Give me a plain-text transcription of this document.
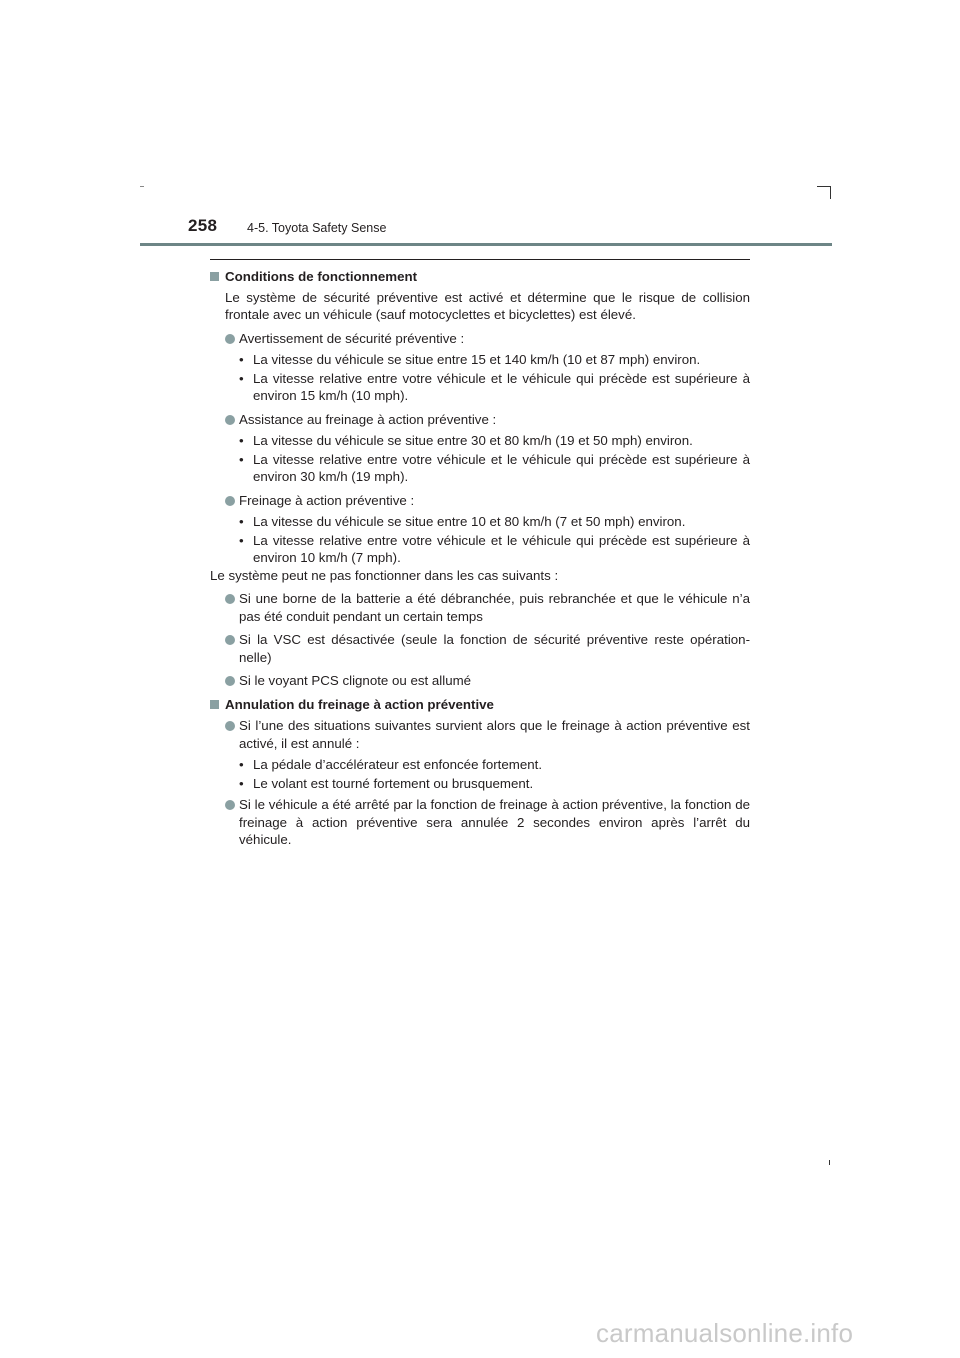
258 4-5. Toyota Safety Sense
Conditions de fonctionnement
Le système de sécurité préventive est activé et détermine que le risque de collision frontale avec un véhicule (sauf motocyclettes et bicyclettes) est élevé.
Avertissement de sécurité préventive :
• La vitesse du véhicule se situe entre 15 et 140 km/h (10 et 87 mph) environ.
• La vitesse relative entre votre véhicule et le véhicule qui précède est supérieure à environ 15 km/h (10 mph).
Assistance au freinage à action préventive :
• La vitesse du véhicule se situe entre 30 et 80 km/h (19 et 50 mph) environ.
• La vitesse relative entre votre véhicule et le véhicule qui précède est supérieure à environ 30 km/h (19 mph).
Freinage à action préventive :
• La vitesse du véhicule se situe entre 10 et 80 km/h (7 et 50 mph) environ.
• La vitesse relative entre votre véhicule et le véhicule qui précède est supérieure à environ 10 km/h (7 mph).
Le système peut ne pas fonctionner dans les cas suivants :
Si une borne de la batterie a été débranchée, puis rebranchée et que le véhicule n’a pas été conduit pendant un certain temps
Si la VSC est désactivée (seule la fonction de sécurité préventive reste opération-nelle)
Si le voyant PCS clignote ou est allumé
Annulation du freinage à action préventive
Si l’une des situations suivantes survient alors que le freinage à action préventive est activé, il est annulé :
• La pédale d’accélérateur est enfoncée fortement.
• Le volant est tourné fortement ou brusquement.
Si le véhicule a été arrêté par la fonction de freinage à action préventive, la fonction de freinage à action préventive sera annulée 2 secondes environ après l’arrêt du véhicule.
carmanualsonline.info
